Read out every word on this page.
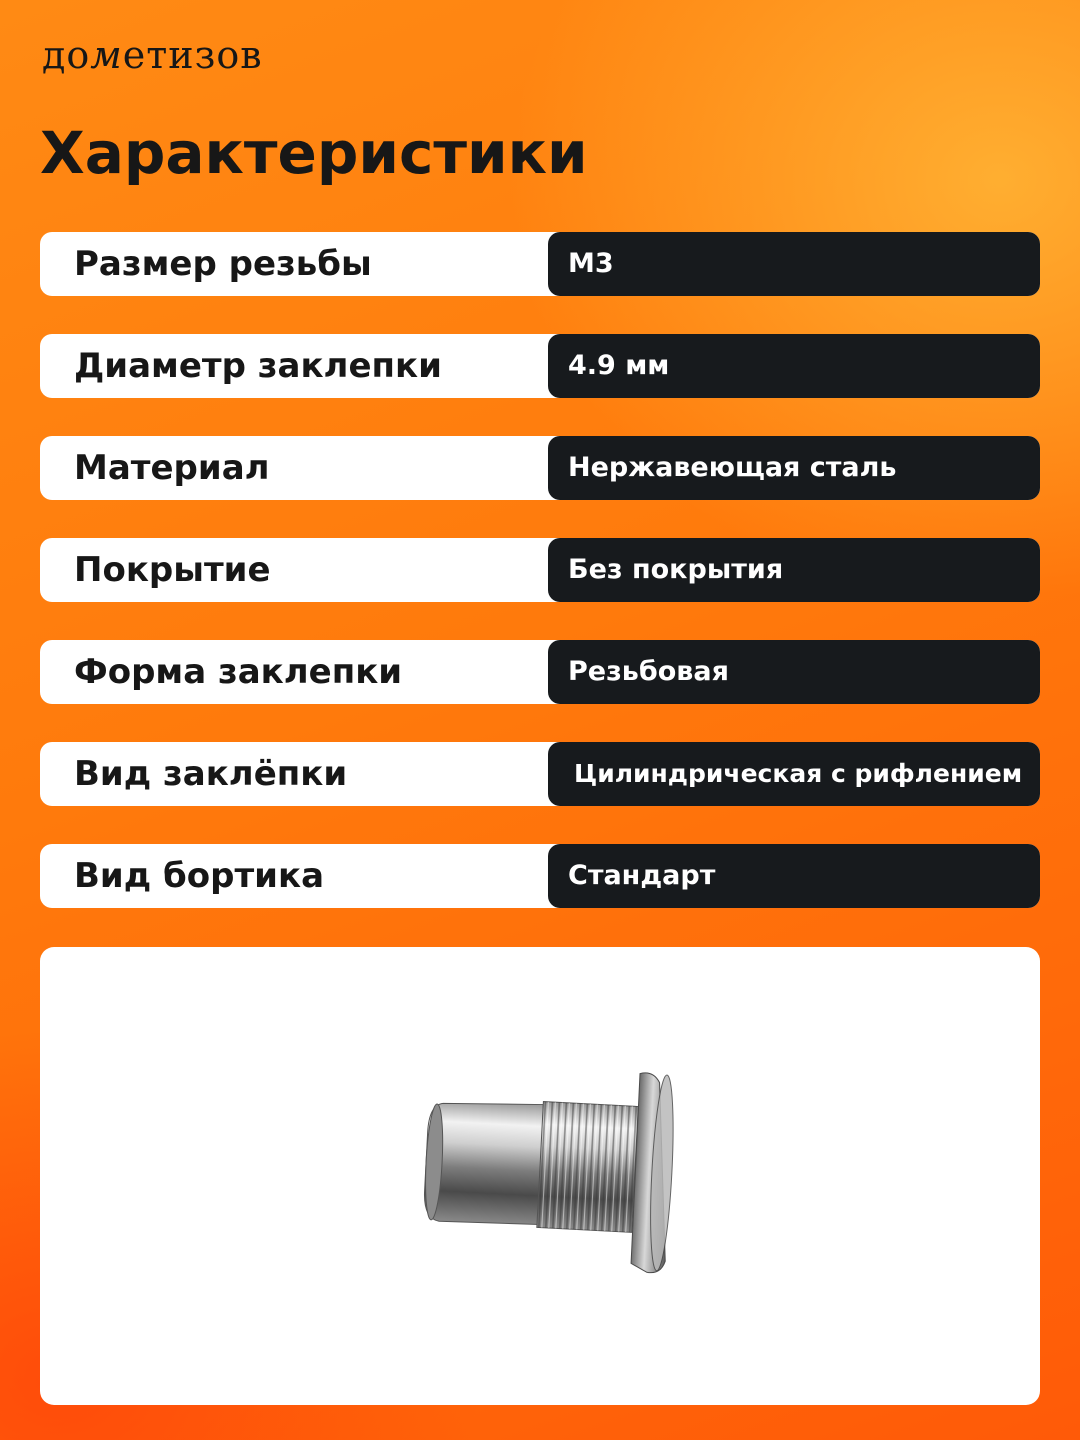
дометизов
Характеристики
Размер резьбы	М3
Диаметр заклепки	4.9 мм
Материал	Нержавеющая сталь
Покрытие	Без покрытия
Форма заклепки	Резьбовая
Вид заклёпки	Цилиндрическая с рифлением
Вид бортика	Стандарт
